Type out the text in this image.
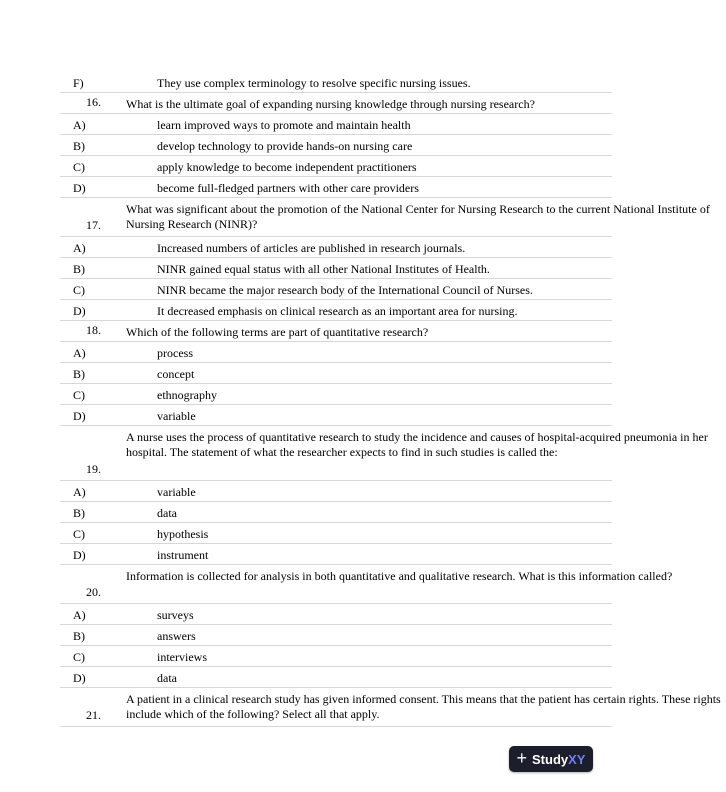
F)	They use complex terminology to resolve specific nursing issues.
16. What is the ultimate goal of expanding nursing knowledge through nursing research?
A)	learn improved ways to promote and maintain health
B)	develop technology to provide hands-on nursing care
C)	apply knowledge to become independent practitioners
D)	become full-fledged partners with other care providers
17.
What was significant about the promotion of the National Center for Nursing Research to the current National Institute of Nursing Research (NINR)?
A)	Increased numbers of articles are published in research journals.
B)	NINR gained equal status with all other National Institutes of Health.
C)	NINR became the major research body of the International Council of Nurses.
D)	It decreased emphasis on clinical research as an important area for nursing.
18. Which of the following terms are part of quantitative research?
A)	process
B)	concept
C)	ethnography
D)	variable
19.
A nurse uses the process of quantitative research to study the incidence and causes of hospital-acquired pneumonia in her hospital. The statement of what the researcher expects to find in such studies is called the:
A)	variable
B)	data
C)	hypothesis
D)	instrument
20.
Information is collected for analysis in both quantitative and qualitative research. What is this information called?
A)	surveys
B)	answers
C)	interviews
D)	data
21.
A patient in a clinical research study has given informed consent. This means that the patient has certain rights. These rights include which of the following? Select all that apply.
+ StudyXY
